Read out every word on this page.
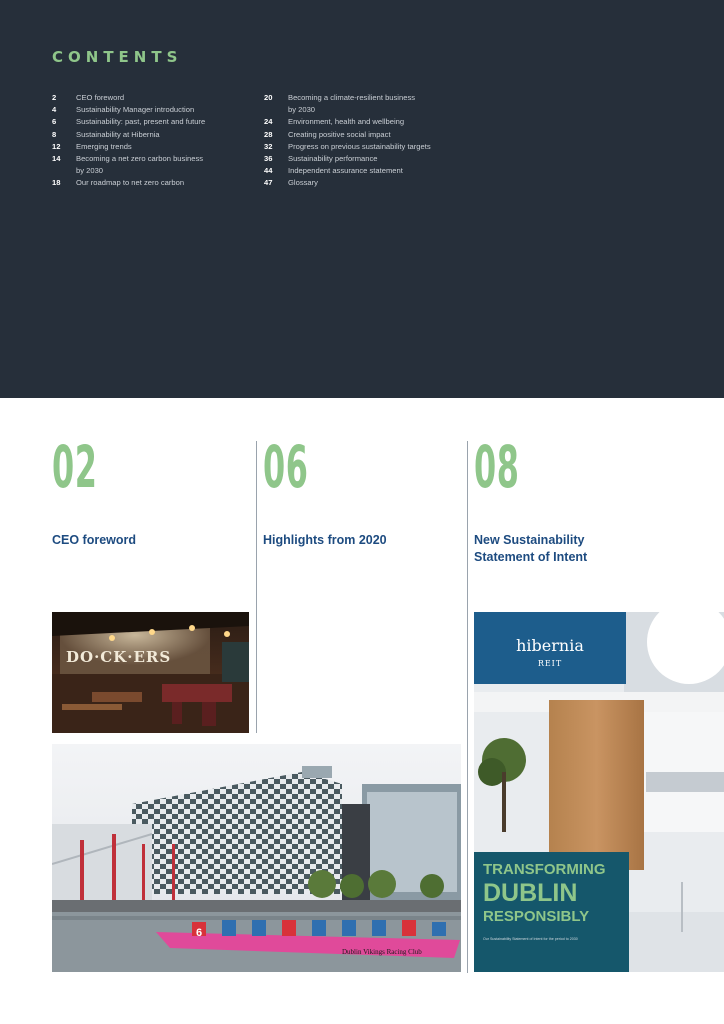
CONTENTS
2	CEO foreword
4	Sustainability Manager introduction
6	Sustainability: past, present and future
8	Sustainability at Hibernia
12	Emerging trends
14	Becoming a net zero carbon business
by 2030
18	Our roadmap to net zero carbon
20	Becoming a climate-resilient business
by 2030
24	Environment, health and wellbeing
28	Creating positive social impact
32	Progress on previous sustainability targets
36	Sustainability performance
44	Independent assurance statement
47	Glossary
02
CEO foreword
06
Highlights from 2020
08
New Sustainability
Statement of Intent
DO·CK·ERS
6
Dublin Vikings Racing Club
hibernia
REIT
TRANSFORMING
DUBLIN
RESPONSIBLY
Our Sustainability Statement of Intent for the period to 2030
